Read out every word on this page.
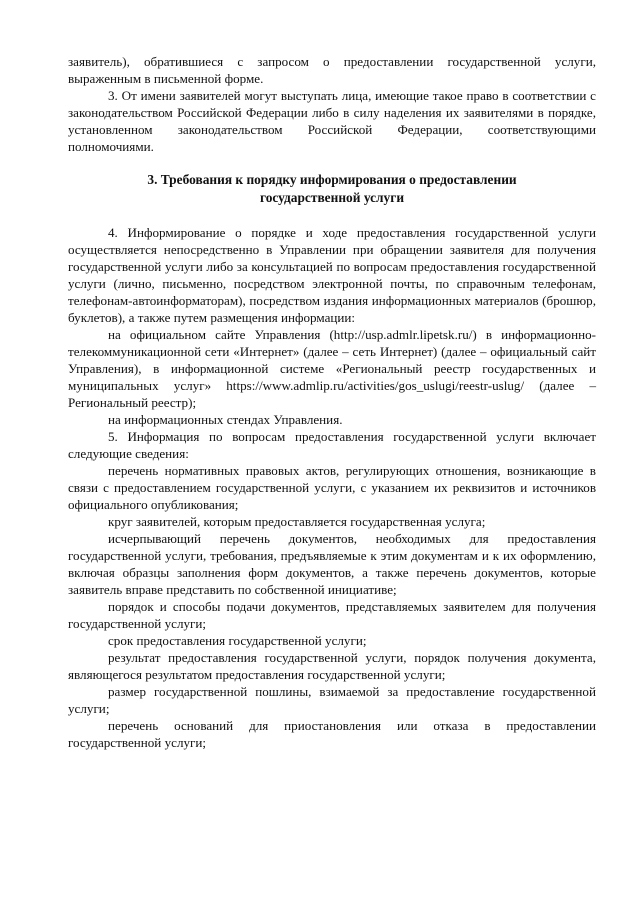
заявитель), обратившиеся с запросом о предоставлении государственной услуги, выраженным в письменной форме.

3. От имени заявителей могут выступать лица, имеющие такое право в соответствии с законодательством Российской Федерации либо в силу наделения их заявителями в порядке, установленном законодательством Российской Федерации, соответствующими полномочиями.

3. Требования к порядку информирования о предоставлении
государственной услуги

4. Информирование о порядке и ходе предоставления государственной услуги осуществляется непосредственно в Управлении при обращении заявителя для получения государственной услуги либо за консультацией по вопросам предоставления государственной услуги (лично, письменно, посредством электронной почты, по справочным телефонам, телефонам-автоинформаторам), посредством издания информационных материалов (брошюр, буклетов), а также путем размещения информации:

на официальном сайте Управления (http://usp.admlr.lipetsk.ru/) в информационно-телекоммуникационной сети «Интернет» (далее – сеть Интернет) (далее – официальный сайт Управления), в информационной системе «Региональный реестр государственных и муниципальных услуг» https://www.admlip.ru/activities/gos_uslugi/reestr-uslug/ (далее – Региональный реестр);

на информационных стендах Управления.

5. Информация по вопросам предоставления государственной услуги включает следующие сведения:

перечень нормативных правовых актов, регулирующих отношения, возникающие в связи с предоставлением государственной услуги, с указанием их реквизитов и источников официального опубликования;

круг заявителей, которым предоставляется государственная услуга;

исчерпывающий перечень документов, необходимых для предоставления государственной услуги, требования, предъявляемые к этим документам и к их оформлению, включая образцы заполнения форм документов, а также перечень документов, которые заявитель вправе представить по собственной инициативе;

порядок и способы подачи документов, представляемых заявителем для получения государственной услуги;

срок предоставления государственной услуги;

результат предоставления государственной услуги, порядок получения документа, являющегося результатом предоставления государственной услуги;

размер государственной пошлины, взимаемой за предоставление государственной услуги;

перечень оснований для приостановления или отказа в предоставлении государственной услуги;
